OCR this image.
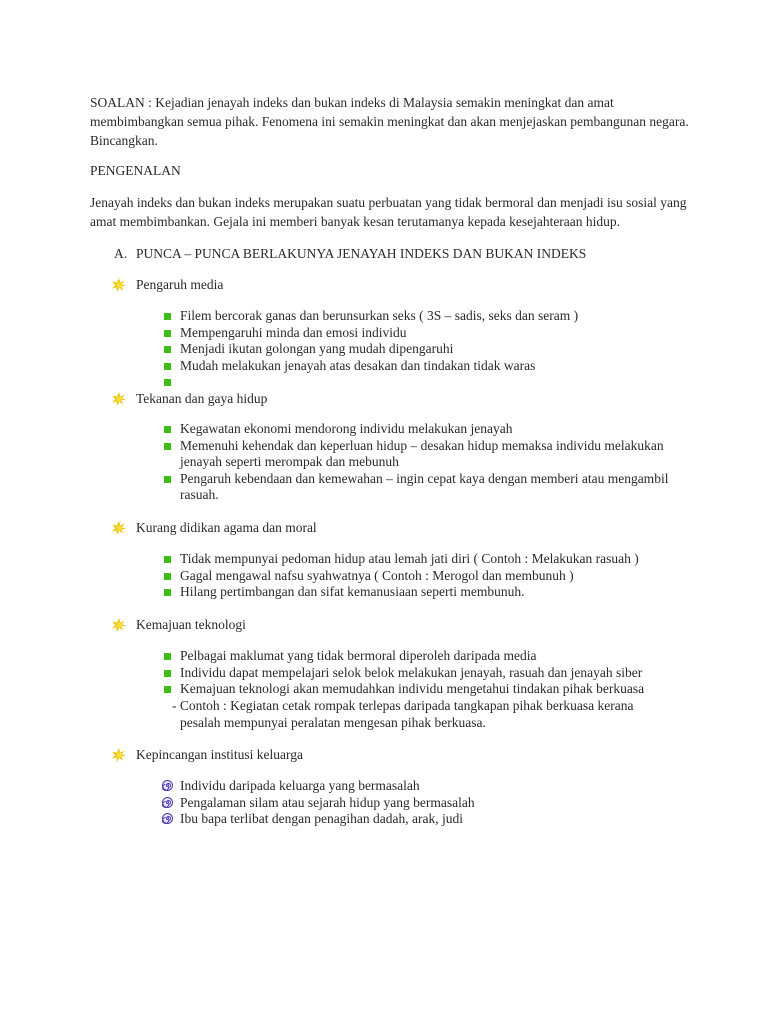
SOALAN : Kejadian jenayah indeks dan bukan indeks di Malaysia semakin meningkat dan amat membimbangkan semua pihak. Fenomena ini semakin meningkat dan akan menjejaskan pembangunan negara. Bincangkan.

PENGENALAN

Jenayah indeks dan bukan indeks merupakan suatu perbuatan yang tidak bermoral dan menjadi isu sosial yang amat membimbankan. Gejala ini memberi banyak kesan terutamanya kepada kesejahteraan hidup.

A. PUNCA – PUNCA BERLAKUNYA JENAYAH INDEKS DAN BUKAN INDEKS

Pengaruh media
Filem bercorak ganas dan berunsurkan seks ( 3S – sadis, seks dan seram )
Mempengaruhi minda dan emosi individu
Menjadi ikutan golongan yang mudah dipengaruhi
Mudah melakukan jenayah atas desakan dan tindakan tidak waras
Tekanan dan gaya hidup
Kegawatan ekonomi mendorong individu melakukan jenayah
Memenuhi kehendak dan keperluan hidup – desakan hidup memaksa individu melakukan jenayah seperti merompak dan mebunuh
Pengaruh kebendaan dan kemewahan – ingin cepat kaya dengan memberi atau mengambil rasuah.
Kurang didikan agama dan moral
Tidak mempunyai pedoman hidup atau lemah jati diri ( Contoh : Melakukan rasuah )
Gagal mengawal nafsu syahwatnya ( Contoh : Merogol dan membunuh )
Hilang pertimbangan dan sifat kemanusiaan seperti membunuh.
Kemajuan teknologi
Pelbagai maklumat yang tidak bermoral diperoleh daripada media
Individu dapat mempelajari selok belok melakukan jenayah, rasuah dan jenayah siber
Kemajuan teknologi akan memudahkan individu mengetahui tindakan pihak berkuasa
- Contoh : Kegiatan cetak rompak terlepas daripada tangkapan pihak berkuasa kerana
pesalah mempunyai peralatan mengesan pihak berkuasa.
Kepincangan institusi keluarga
Individu daripada keluarga yang bermasalah
Pengalaman silam atau sejarah hidup yang bermasalah
Ibu bapa terlibat dengan penagihan dadah, arak, judi
